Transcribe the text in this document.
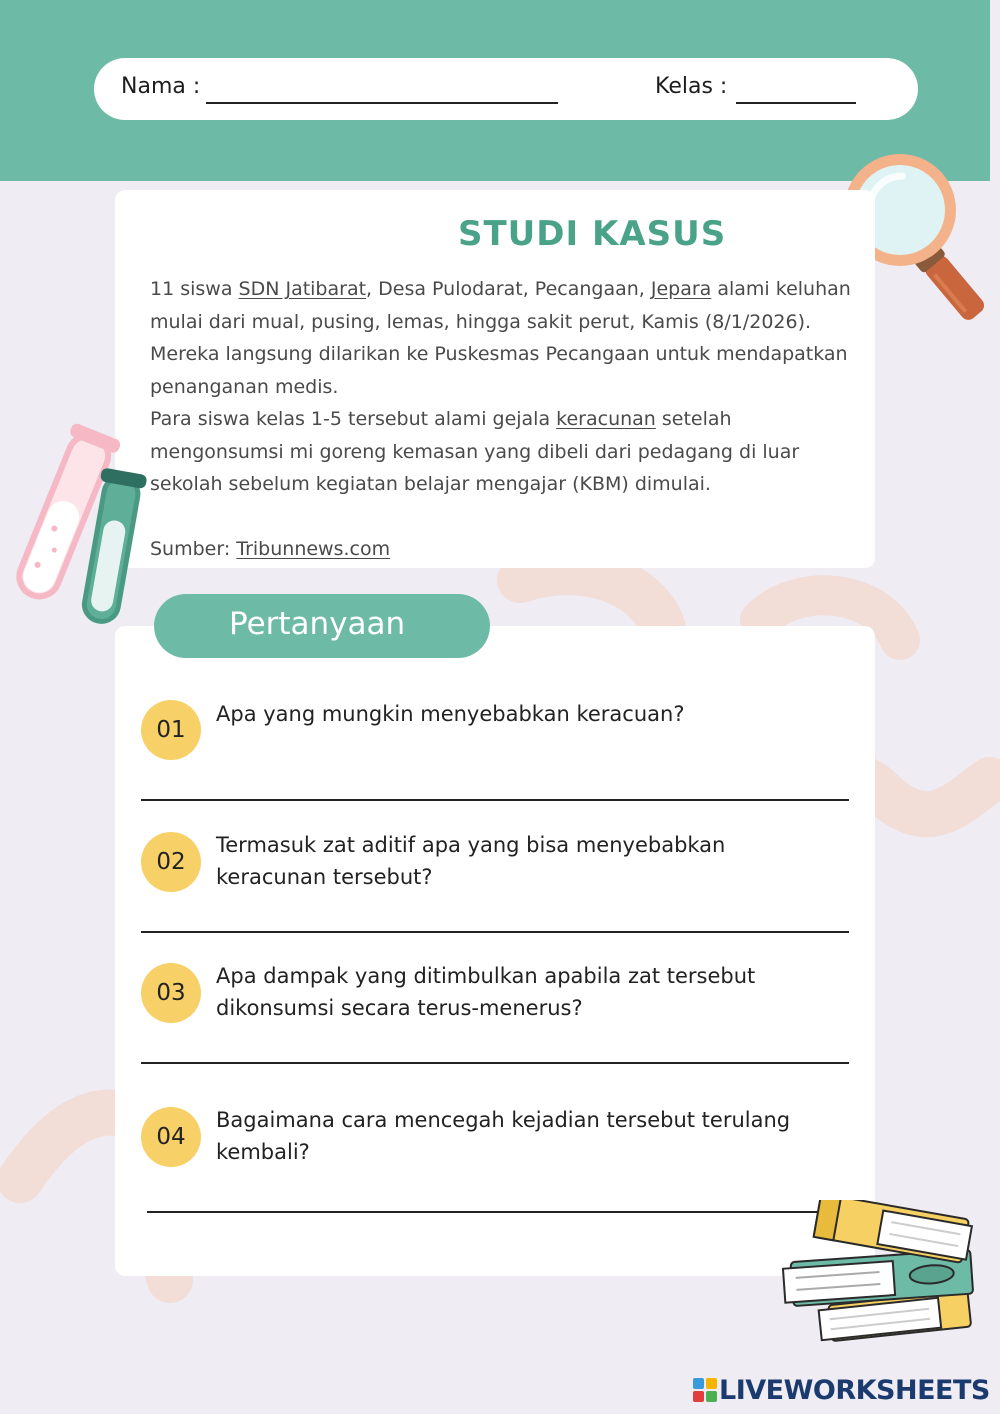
Nama :	Kelas :
STUDI KASUS

11 siswa SDN Jatibarat, Desa Pulodarat, Pecangaan, Jepara alami keluhan mulai dari mual, pusing, lemas, hingga sakit perut, Kamis (8/1/2026). Mereka langsung dilarikan ke Puskesmas Pecangaan untuk mendapatkan penanganan medis.

Para siswa kelas 1-5 tersebut alami gejala keracunan setelah mengonsumsi mi goreng kemasan yang dibeli dari pedagang di luar sekolah sebelum kegiatan belajar mengajar (KBM) dimulai.

Sumber: Tribunnews.com

Pertanyaan
01
Apa yang mungkin menyebabkan keracuan?
02
Termasuk zat aditif apa yang bisa menyebabkan keracunan tersebut?
03
Apa dampak yang ditimbulkan apabila zat tersebut dikonsumsi secara terus-menerus?
04
Bagaimana cara mencegah kejadian tersebut terulang kembali?
LIVEWORKSHEETS
